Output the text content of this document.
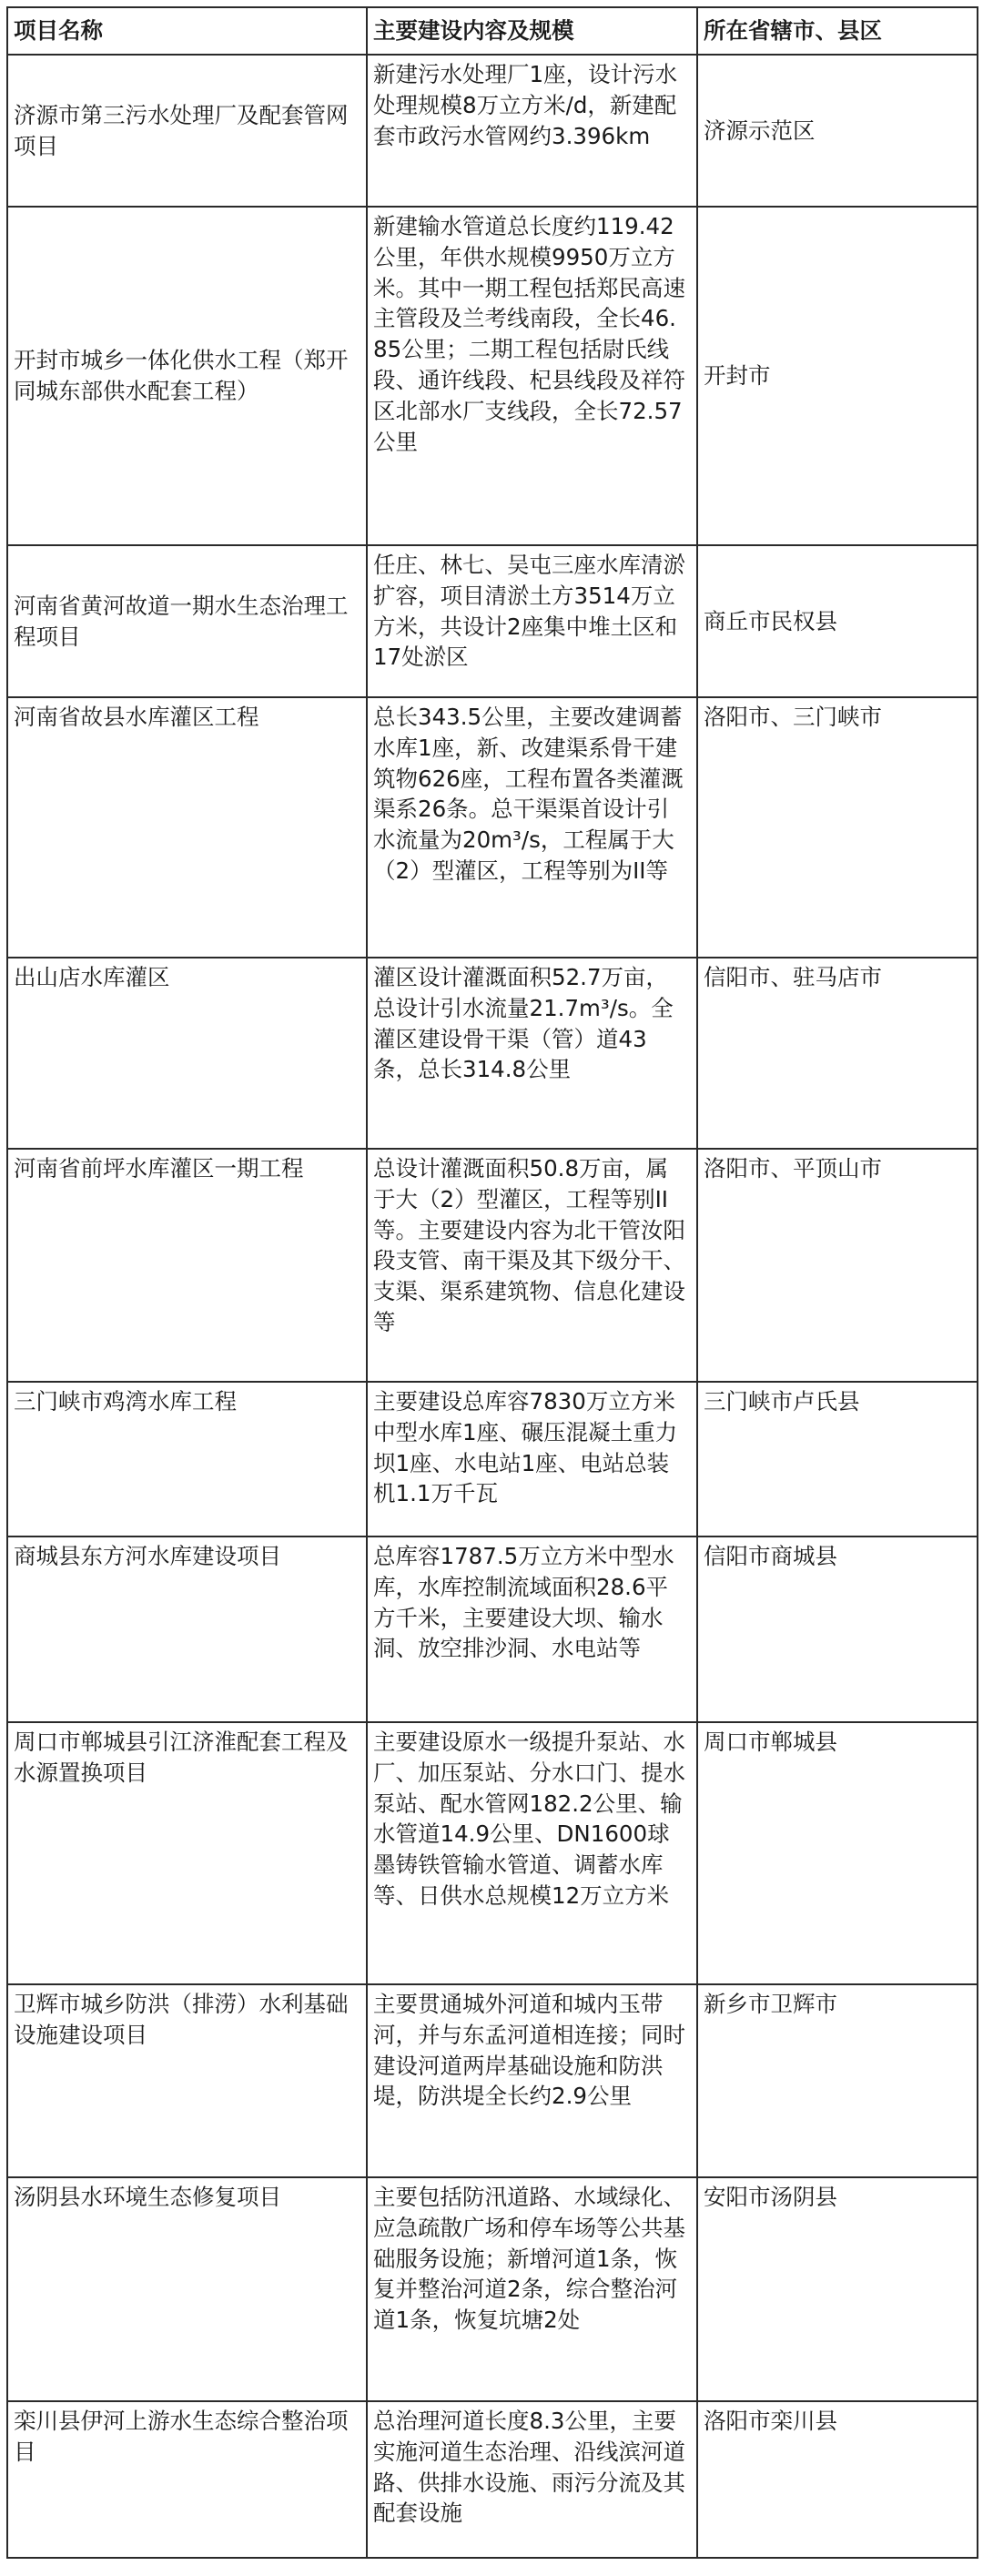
项目名称	主要建设内容及规模	所在省辖市、县区
济源市第三污水处理厂及配套管网项目	新建污水处理厂1座，设计污水处理规模8万立方米/d，新建配套市政污水管网约3.396km	济源示范区
开封市城乡一体化供水工程（郑开同城东部供水配套工程）	新建输水管道总长度约119.42公里，年供水规模9950万立方米。其中一期工程包括郑民高速主管段及兰考线南段，全长46.85公里；二期工程包括尉氏线段、通许线段、杞县线段及祥符区北部水厂支线段，全长72.57公里	开封市
河南省黄河故道一期水生态治理工程项目	任庄、林七、吴屯三座水库清淤扩容，项目清淤土方3514万立方米，共设计2座集中堆土区和17处淤区	商丘市民权县
河南省故县水库灌区工程	总长343.5公里，主要改建调蓄水库1座，新、改建渠系骨干建筑物626座，工程布置各类灌溉渠系26条。总干渠渠首设计引水流量为20m³/s，工程属于大（2）型灌区，工程等别为II等	洛阳市、三门峡市
出山店水库灌区	灌区设计灌溉面积52.7万亩，总设计引水流量21.7m³/s。全灌区建设骨干渠（管）道43条，总长314.8公里	信阳市、驻马店市
河南省前坪水库灌区一期工程	总设计灌溉面积50.8万亩，属于大（2）型灌区，工程等别II等。主要建设内容为北干管汝阳段支管、南干渠及其下级分干、支渠、渠系建筑物、信息化建设等	洛阳市、平顶山市
三门峡市鸡湾水库工程	主要建设总库容7830万立方米中型水库1座、碾压混凝土重力坝1座、水电站1座、电站总装机1.1万千瓦	三门峡市卢氏县
商城县东方河水库建设项目	总库容1787.5万立方米中型水库，水库控制流域面积28.6平方千米，主要建设大坝、输水洞、放空排沙洞、水电站等	信阳市商城县
周口市郸城县引江济淮配套工程及水源置换项目	主要建设原水一级提升泵站、水厂、加压泵站、分水口门、提水泵站、配水管网182.2公里、输水管道14.9公里、DN1600球墨铸铁管输水管道、调蓄水库等、日供水总规模12万立方米	周口市郸城县
卫辉市城乡防洪（排涝）水利基础设施建设项目	主要贯通城外河道和城内玉带河，并与东孟河道相连接；同时建设河道两岸基础设施和防洪堤，防洪堤全长约2.9公里	新乡市卫辉市
汤阴县水环境生态修复项目	主要包括防汛道路、水域绿化、应急疏散广场和停车场等公共基础服务设施；新增河道1条，恢复并整治河道2条，综合整治河道1条，恢复坑塘2处	安阳市汤阴县
栾川县伊河上游水生态综合整治项目	总治理河道长度8.3公里，主要实施河道生态治理、沿线滨河道路、供排水设施、雨污分流及其配套设施	洛阳市栾川县
